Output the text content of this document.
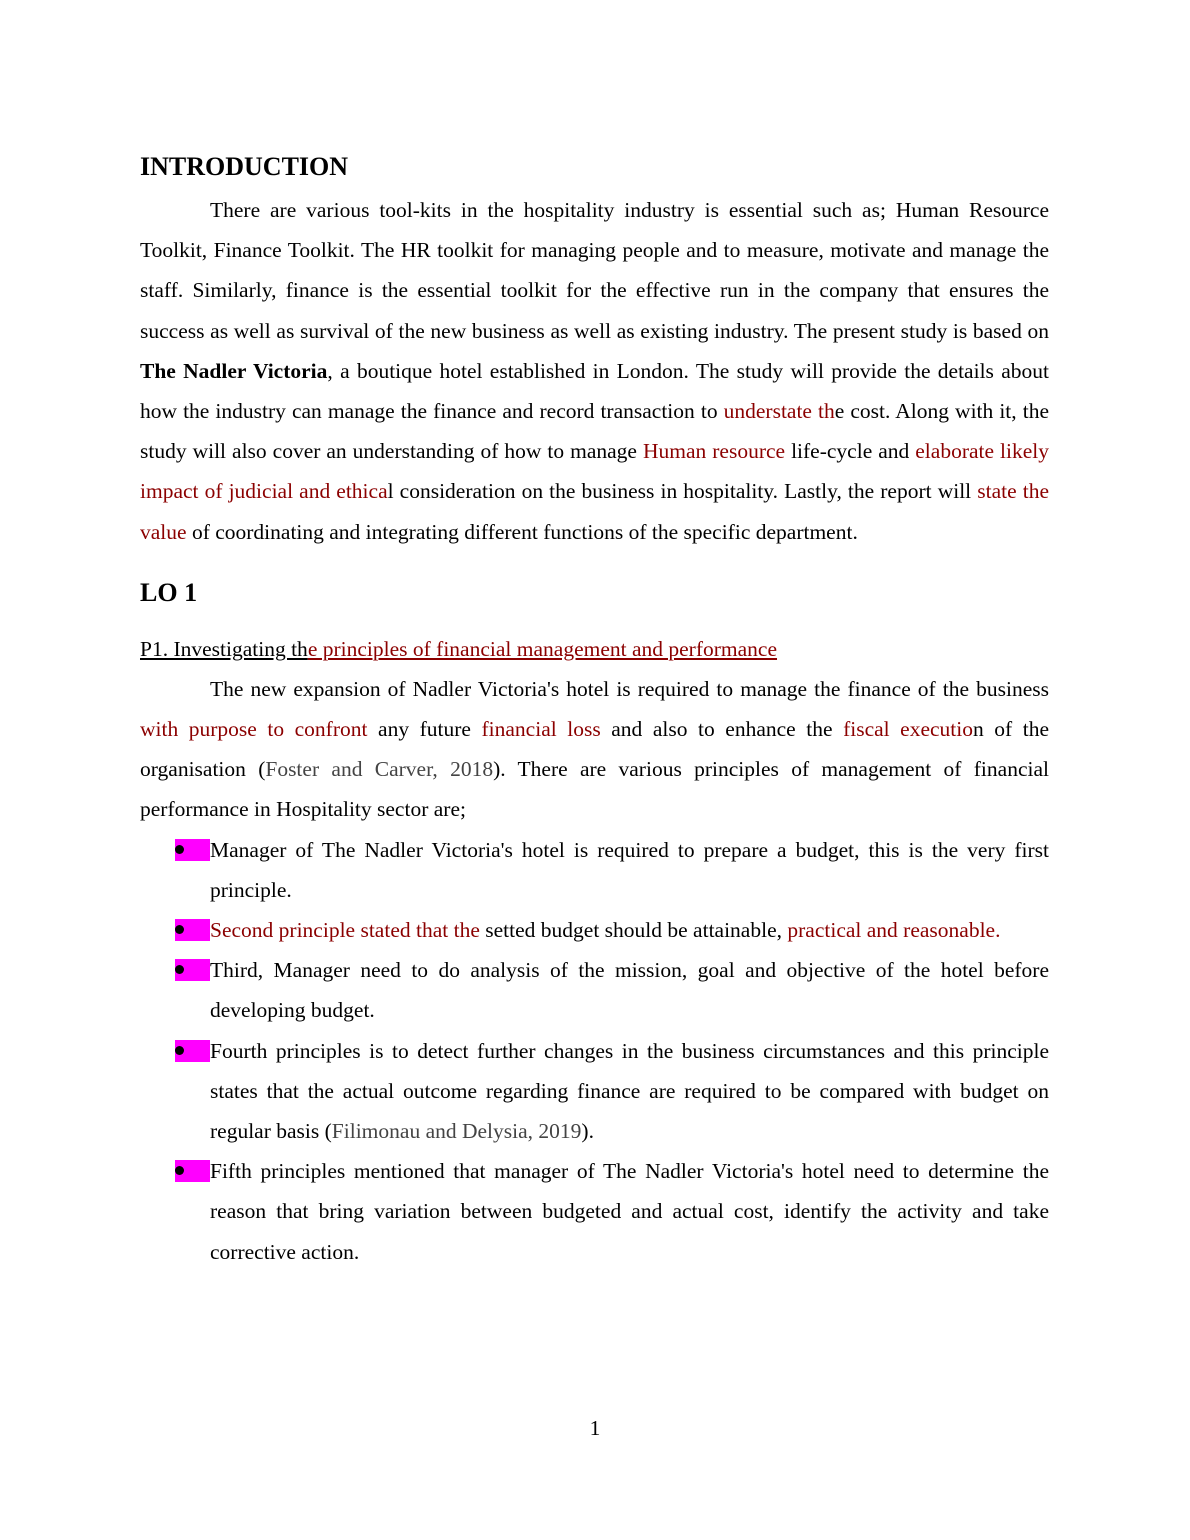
INTRODUCTION

There are various tool-kits in the hospitality industry is essential such as; Human Resource Toolkit, Finance Toolkit. The HR toolkit for managing people and to measure, motivate and manage the staff. Similarly, finance is the essential toolkit for the effective run in the company that ensures the success as well as survival of the new business as well as existing industry. The present study is based on The Nadler Victoria, a boutique hotel established in London. The study will provide the details about how the industry can manage the finance and record transaction to understate the cost. Along with it, the study will also cover an understanding of how to manage Human resource life-cycle and elaborate likely impact of judicial and ethical consideration on the business in hospitality. Lastly, the report will state the value of coordinating and integrating different functions of the specific department.

LO 1

P1. Investigating the principles of financial management and performance

The new expansion of Nadler Victoria's hotel is required to manage the finance of the business with purpose to confront any future financial loss and also to enhance the fiscal execution of the organisation (Foster and Carver, 2018). There are various principles of management of financial performance in Hospitality sector are;

Manager of The Nadler Victoria's hotel is required to prepare a budget, this is the very first principle.
Second principle stated that the setted budget should be attainable, practical and reasonable.
Third, Manager need to do analysis of the mission, goal and objective of the hotel before developing budget.
Fourth principles is to detect further changes in the business circumstances and this principle states that the actual outcome regarding finance are required to be compared with budget on regular basis (Filimonau and Delysia, 2019).
Fifth principles mentioned that manager of The Nadler Victoria's hotel need to determine the reason that bring variation between budgeted and actual cost, identify the activity and take corrective action.
1
